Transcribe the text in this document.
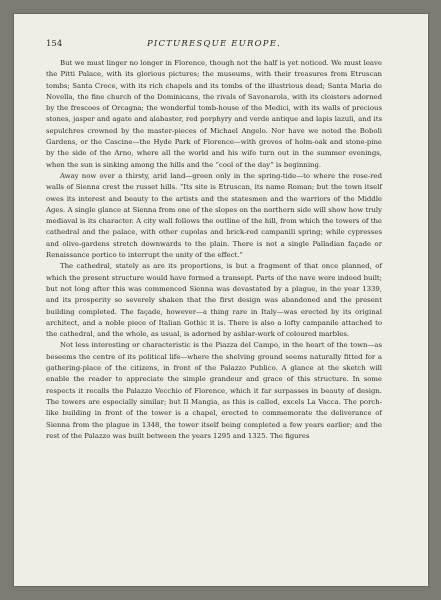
154	PICTURESQUE EUROPE.

But we must linger no longer in Florence, though not the half is yet noticed. We must leave the Pitti Palace, with its glorious pictures; the museums, with their treasures from Etruscan tombs; Santa Croce, with its rich chapels and its tombs of the illustrious dead; Santa Maria de Novella, the fine church of the Dominicans, the rivals of Savonarola, with its cloisters adorned by the frescoes of Orcagna; the wonderful tomb-house of the Medici, with its walls of precious stones, jasper and agate and alabaster, red porphyry and verde antique and lapis lazuli, and its sepulchres crowned by the master-pieces of Michael Angelo. Nor have we noted the Boboli Gardens, or the Cascine—the Hyde Park of Florence—with groves of holm-oak and stone-pine by the side of the Arno, where all the world and his wife turn out in the summer evenings, when the sun is sinking among the hills and the “cool of the day” is beginning.

Away now over a thirsty, arid land—green only in the spring-tide—to where the rose-red walls of Sienna crest the russet hills. “Its site is Etruscan, its name Roman; but the town itself owes its interest and beauty to the artists and the statesmen and the warriors of the Middle Ages. A single glance at Sienna from one of the slopes on the northern side will show how truly mediaval is its character. A city wall follows the outline of the hill, from which the towers of the cathedral and the palace, with other cupolas and brick-red campanili spring; while cypresses and olive-gardens stretch downwards to the plain. There is not a single Palladian façade or Renaissance portico to interrupt the unity of the effect.”

The cathedral, stately as are its proportions, is but a fragment of that once planned, of which the present structure would have formed a transept. Parts of the nave were indeed built; but not long after this was commenced Sienna was devastated by a plague, in the year 1339, and its prosperity so severely shaken that the first design was abandoned and the present building completed. The façade, however—a thing rare in Italy—was erected by its original architect, and a noble piece of Italian Gothic it is. There is also a lofty campanile attached to the cathedral, and the whole, as usual, is adorned by ashlar-work of coloured marbles.

Not less interesting or characteristic is the Piazza del Campo, in the heart of the town—as beseems the centre of its political life—where the shelving ground seems naturally fitted for a gathering-place of the citizens, in front of the Palazzo Publico. A glance at the sketch will enable the reader to appreciate the simple grandeur and grace of this structure. In some respects it recalls the Palazzo Vecchio of Florence, which it far surpasses in beauty of design. The towers are especially similar; but Il Mangia, as this is called, excels La Vacca. The porch-like building in front of the tower is a chapel, erected to commemorate the deliverance of Sienna from the plague in 1348, the tower itself being completed a few years earlier; and the rest of the Palazzo was built between the years 1295 and 1325. The figures
